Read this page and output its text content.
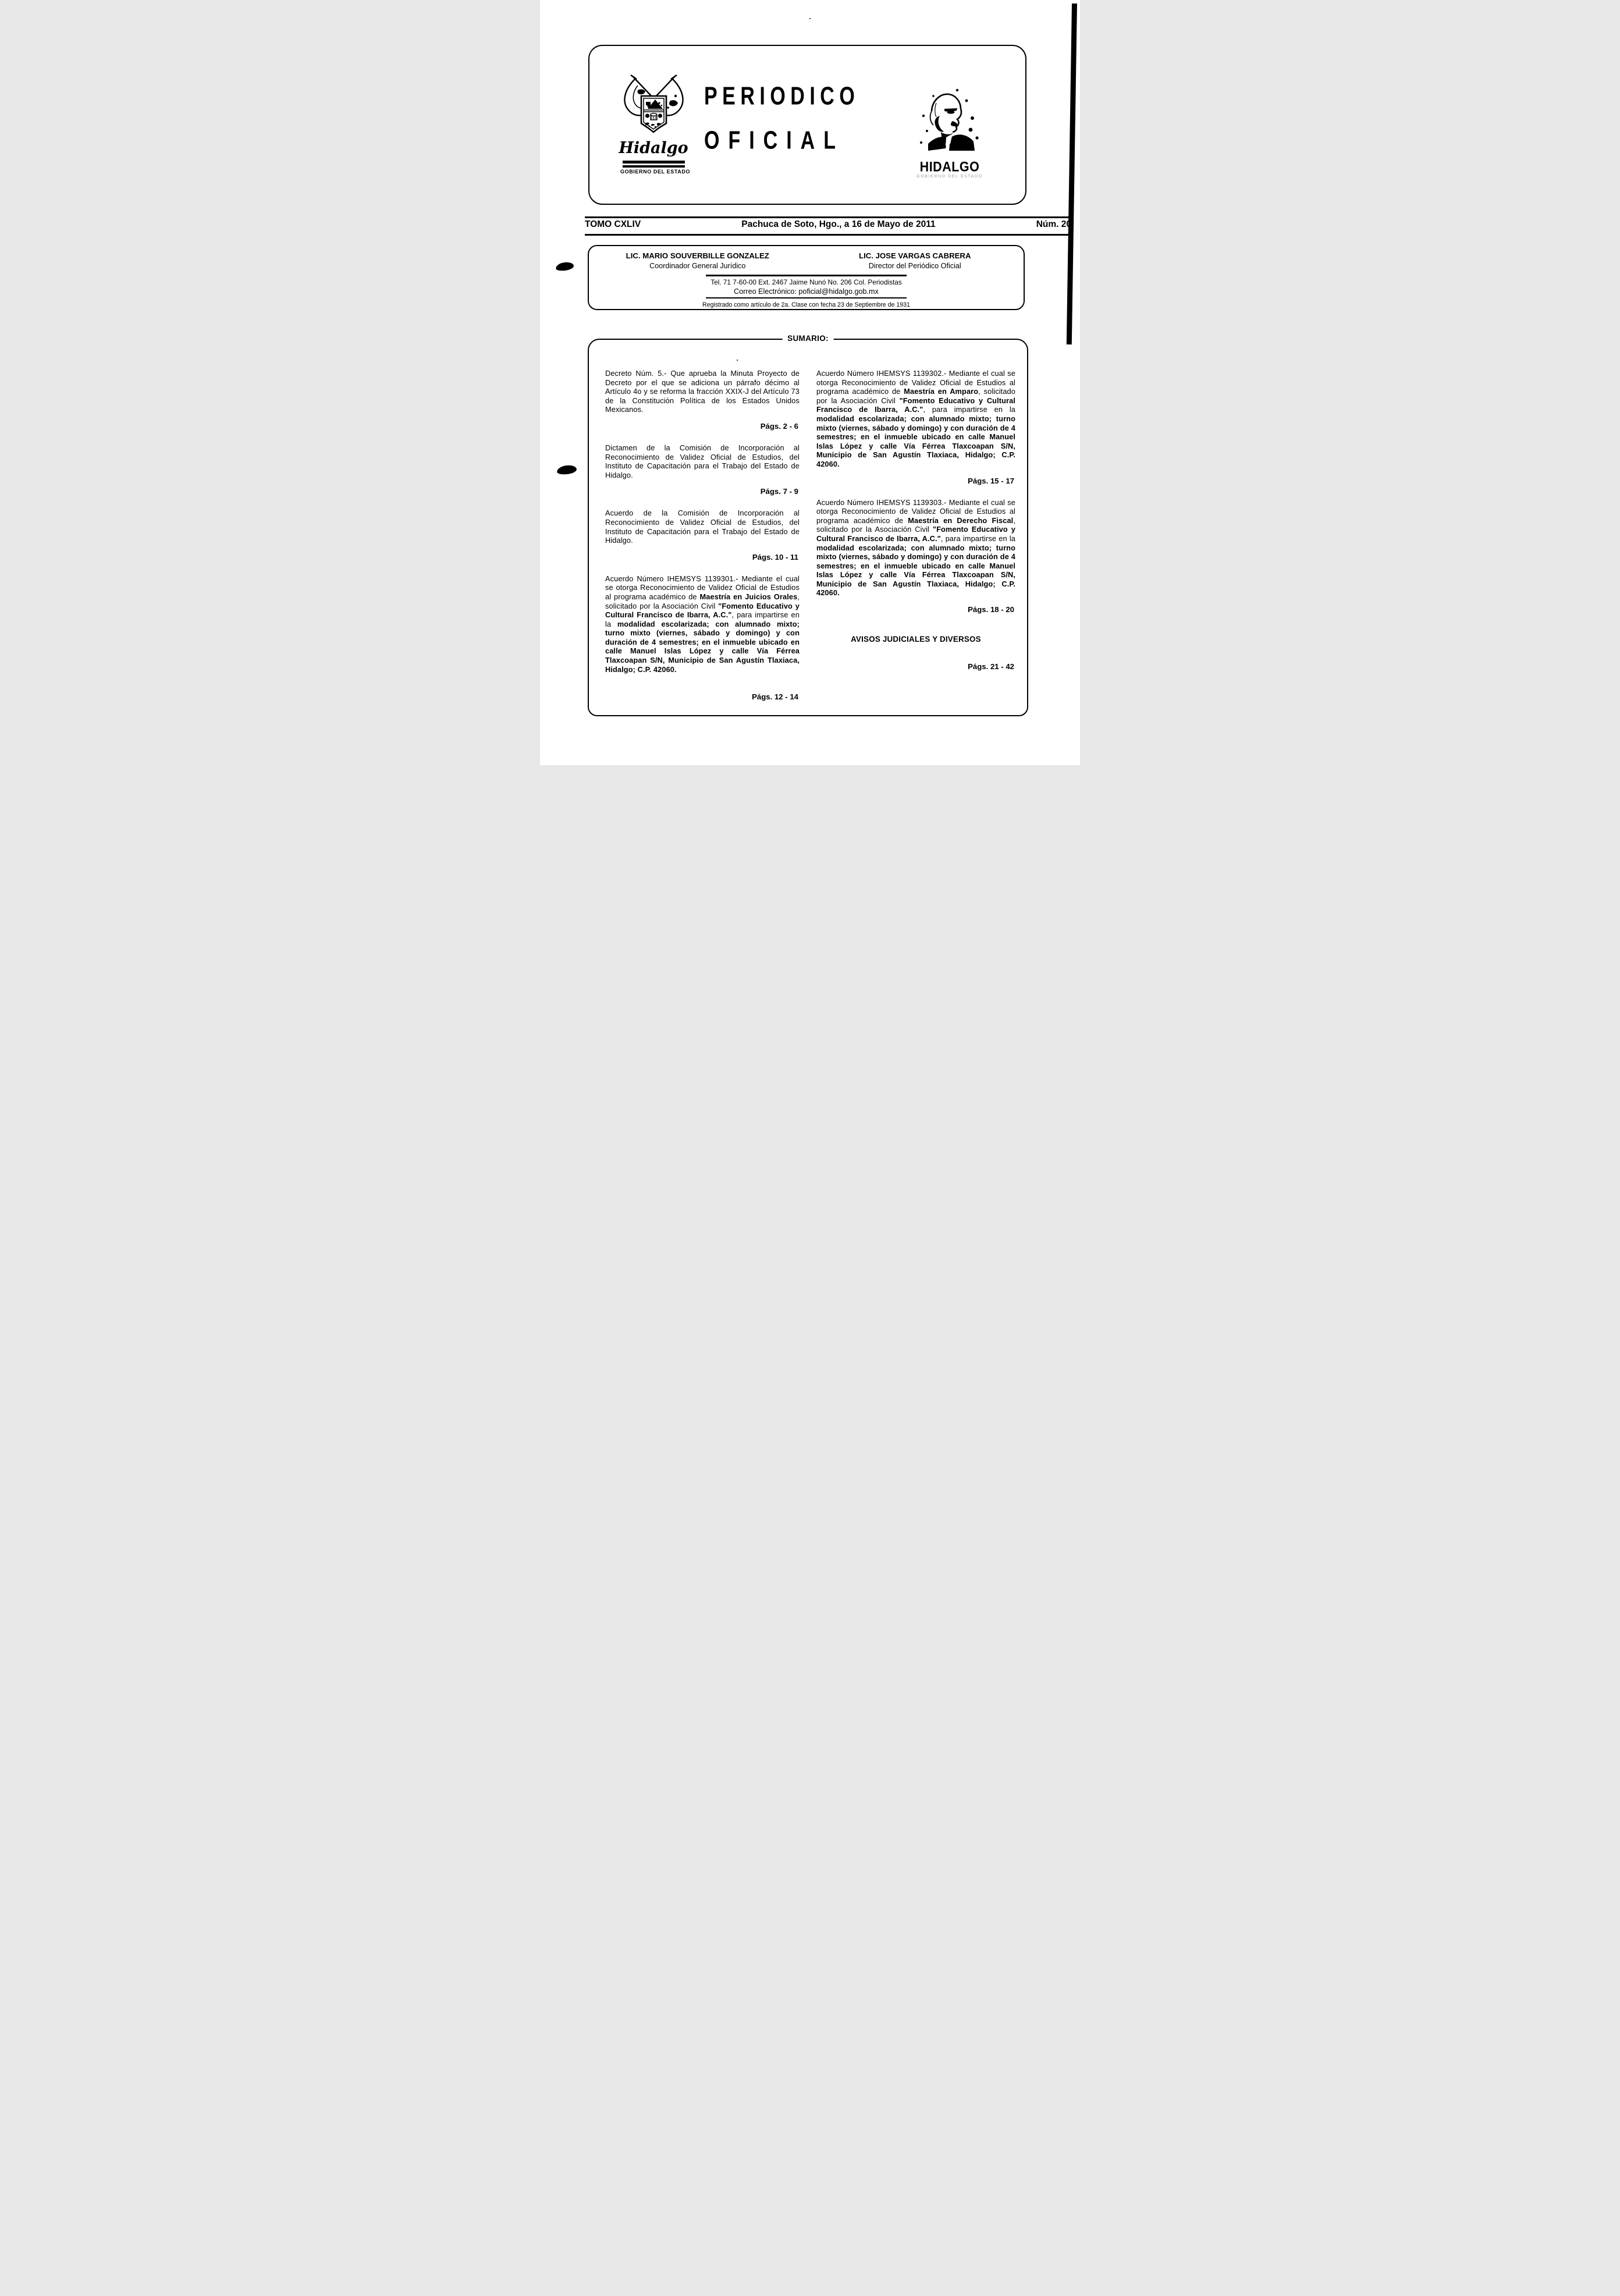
Hidalgo
GOBIERNO DEL ESTADO
PERIODICO
OFICIAL
HIDALGO
GOBIERNO DEL ESTADO
TOMO CXLIV	Pachuca de Soto, Hgo., a 16 de Mayo de 2011	Núm. 20
LIC. MARIO SOUVERBILLE GONZALEZ
Coordinador General Jurídico
LIC. JOSE VARGAS CABRERA
Director del Periódico Oficial
Tel. 71 7-60-00 Ext. 2467 Jaime Nunó No. 206 Col. Periodistas
Correo Electrónico: poficial@hidalgo.gob.mx
Registrado como artículo de 2a. Clase con fecha 23 de Septiembre de 1931
SUMARIO:

Decreto Núm. 5.- Que aprueba la Minuta Proyecto de Decreto por el que se adiciona un párrafo décimo al Artículo 4o y se reforma la fracción XXIX-J del Artículo 73 de la Constitución Política de los Estados Unidos Mexicanos.

Págs. 2 - 6

Dictamen de la Comisión de Incorporación al Reconocimiento de Validez Oficial de Estudios, del Instituto de Capacitación para el Trabajo del Estado de Hidalgo.

Págs. 7 - 9

Acuerdo de la Comisión de Incorporación al Reconocimiento de Validez Oficial de Estudios, del Instituto de Capacitación para el Trabajo del Estado de Hidalgo.

Págs. 10 - 11

Acuerdo Número IHEMSYS 1139301.- Mediante el cual se otorga Reconocimiento de Validez Oficial de Estudios al programa académico de Maestría en Juicios Orales, solicitado por la Asociación Civil "Fomento Educativo y Cultural Francisco de Ibarra, A.C.", para impartirse en la modalidad escolarizada; con alumnado mixto; turno mixto (viernes, sábado y domingo) y con duración de 4 semestres; en el inmueble ubicado en calle Manuel Islas López y calle Vía Férrea Tlaxcoapan S/N, Municipio de San Agustín Tlaxiaca, Hidalgo; C.P. 42060.

Págs. 12 - 14

Acuerdo Número IHEMSYS 1139302.- Mediante el cual se otorga Reconocimiento de Validez Oficial de Estudios al programa académico de Maestría en Amparo, solicitado por la Asociación Civil "Fomento Educativo y Cultural Francisco de Ibarra, A.C.", para impartirse en la modalidad escolarizada; con alumnado mixto; turno mixto (viernes, sábado y domingo) y con duración de 4 semestres; en el inmueble ubicado en calle Manuel Islas López y calle Vía Férrea Tlaxcoapan S/N, Municipio de San Agustín Tlaxiaca, Hidalgo; C.P. 42060.

Págs. 15 - 17

Acuerdo Número IHEMSYS 1139303.- Mediante el cual se otorga Reconocimiento de Validez Oficial de Estudios al programa académico de Maestría en Derecho Fiscal, solicitado por la Asociación Civil "Fomento Educativo y Cultural Francisco de Ibarra, A.C.", para impartirse en la modalidad escolarizada; con alumnado mixto; turno mixto (viernes, sábado y domingo) y con duración de 4 semestres; en el inmueble ubicado en calle Manuel Islas López y calle Vía Férrea Tlaxcoapan S/N, Municipio de San Agustín Tlaxiaca, Hidalgo; C.P. 42060.

Págs. 18 - 20
AVISOS JUDICIALES Y DIVERSOS
Págs. 21 - 42
